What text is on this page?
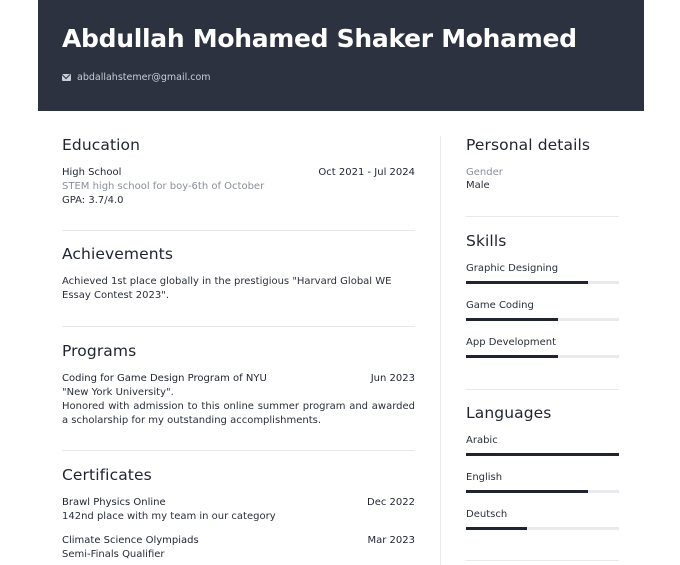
Abdullah Mohamed Shaker Mohamed
abdallahstemer@gmail.com
Education
High School	Oct 2021 - Jul 2024
STEM high school for boy-6th of October
GPA: 3.7/4.0
Achievements
Achieved 1st place globally in the prestigious "Harvard Global WE Essay Contest 2023".
Programs
Coding for Game Design Program of NYU	Jun 2023
"New York University".
Honored with admission to this online summer program and awarded a scholarship for my outstanding accomplishments.
Certificates
Brawl Physics Online	Dec 2022
142nd place with my team in our category
Climate Science Olympiads	Mar 2023
Semi-Finals Qualifier
Personal details
Gender
Male
Skills
Graphic Designing
Game Coding
App Development
Languages
Arabic
English
Deutsch
